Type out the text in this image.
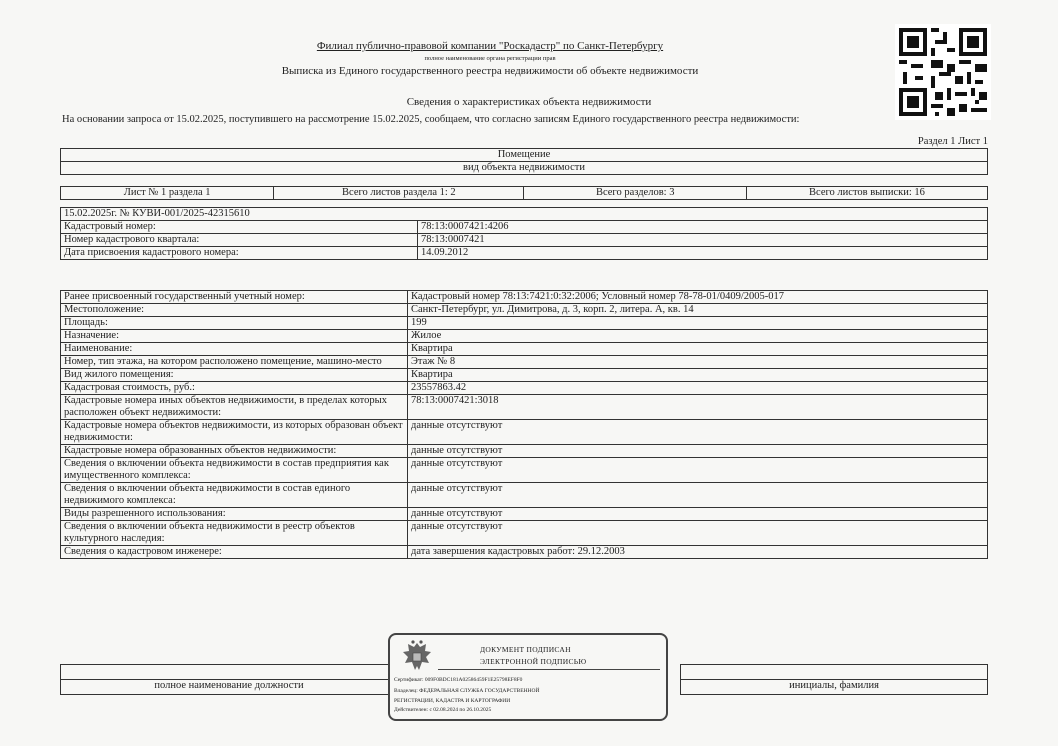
Филиал публично-правовой компании "Роскадастр" по Санкт-Петербургу
полное наименование органа регистрации прав
Выписка из Единого государственного реестра недвижимости об объекте недвижимости
Сведения о характеристиках объекта недвижимости
На основании запроса от 15.02.2025, поступившего на рассмотрение 15.02.2025, сообщаем, что согласно записям Единого государственного реестра недвижимости:
Раздел 1 Лист 1
Помещение
вид объекта недвижимости
Лист № 1 раздела 1	Всего листов раздела 1: 2	Всего разделов: 3	Всего листов выписки: 16
15.02.2025г. № КУВИ-001/2025-42315610	
Кадастровый номер:	78:13:0007421:4206
Номер кадастрового квартала:	78:13:0007421
Дата присвоения кадастрового номера:	14.09.2012
Ранее присвоенный государственный учетный номер:	Кадастровый номер 78:13:7421:0:32:2006; Условный номер 78-78-01/0409/2005-017
Местоположение:	Санкт-Петербург, ул. Димитрова, д. 3, корп. 2, литера. А, кв. 14
Площадь:	199
Назначение:	Жилое
Наименование:	Квартира
Номер, тип этажа, на котором расположено помещение, машино-место	Этаж № 8
Вид жилого помещения:	Квартира
Кадастровая стоимость, руб.:	23557863.42
Кадастровые номера иных объектов недвижимости, в пределах которых расположен объект недвижимости:	78:13:0007421:3018
Кадастровые номера объектов недвижимости, из которых образован объект недвижимости:	данные отсутствуют
Кадастровые номера образованных объектов недвижимости:	данные отсутствуют
Сведения о включении объекта недвижимости в состав предприятия как имущественного комплекса:	данные отсутствуют
Сведения о включении объекта недвижимости в состав единого недвижимого комплекса:	данные отсутствуют
Виды разрешенного использования:	данные отсутствуют
Сведения о включении объекта недвижимости в реестр объектов культурного наследия:	данные отсутствуют
Сведения о кадастровом инженере:	дата завершения кадастровых работ: 29.12.2003

полное наименование должности		инициалы, фамилия
ДОКУМЕНТ ПОДПИСАН
ЭЛЕКТРОННОЙ ПОДПИСЬЮ
Сертификат: 009F0BDC181A02586459F1E25798EF8F0
Владелец: ФЕДЕРАЛЬНАЯ СЛУЖБА ГОСУДАРСТВЕННОЙ
РЕГИСТРАЦИИ, КАДАСТРА И КАРТОГРАФИИ
Действителен: с 02.08.2024 по 26.10.2025
